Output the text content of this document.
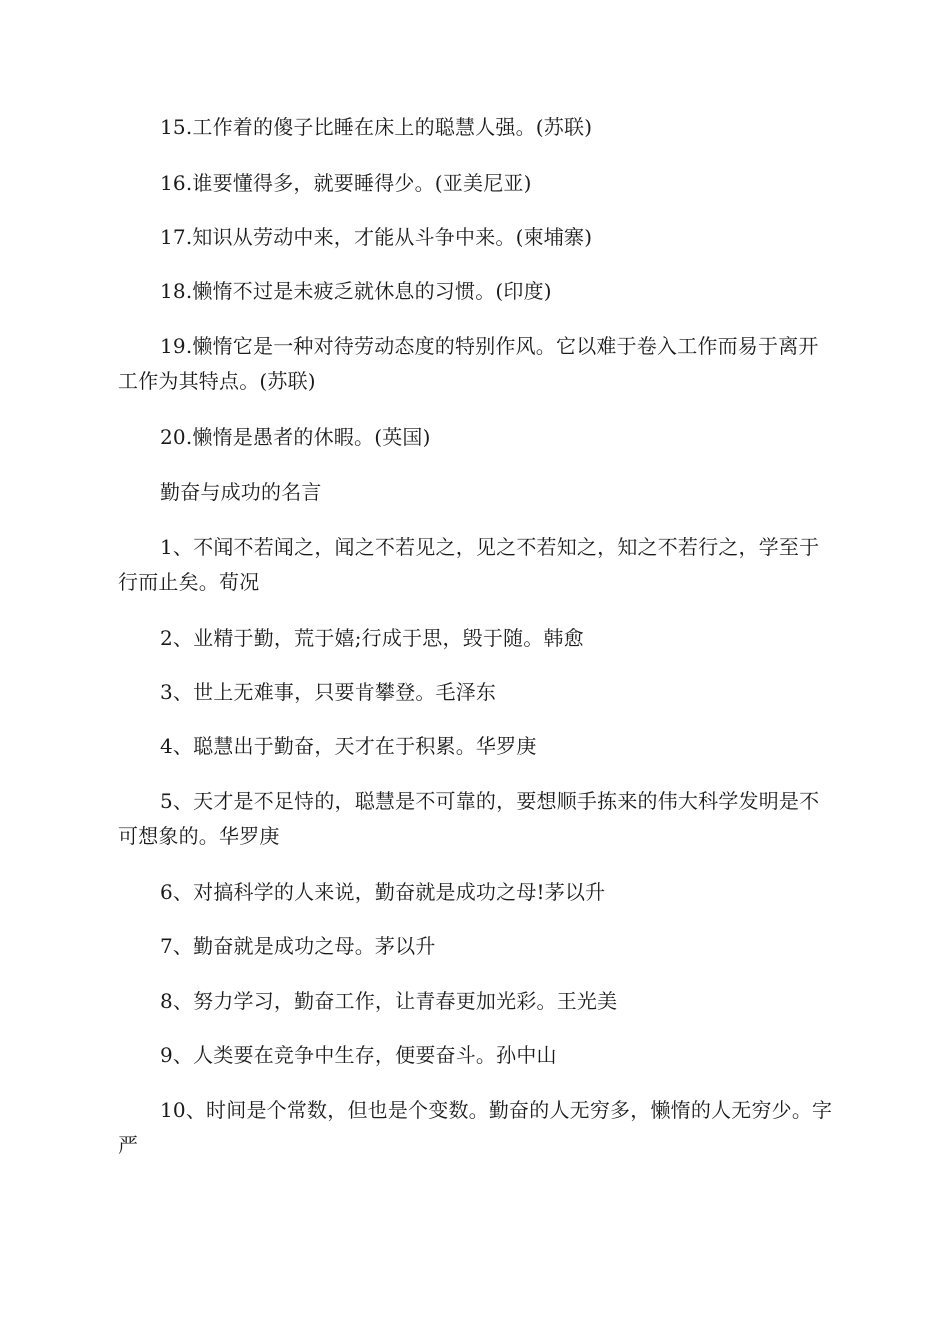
15.工作着的傻子比睡在床上的聪慧人强。(苏联)

16.谁要懂得多，就要睡得少。(亚美尼亚)

17.知识从劳动中来，才能从斗争中来。(柬埔寨)

18.懒惰不过是未疲乏就休息的习惯。(印度)

19.懒惰它是一种对待劳动态度的特别作风。它以难于卷入工作而易于离开工作为其特点。(苏联)

20.懒惰是愚者的休暇。(英国)

勤奋与成功的名言

1、不闻不若闻之，闻之不若见之，见之不若知之，知之不若行之，学至于行而止矣。荀况

2、业精于勤，荒于嬉;行成于思，毁于随。韩愈

3、世上无难事，只要肯攀登。毛泽东

4、聪慧出于勤奋，天才在于积累。华罗庚

5、天才是不足恃的，聪慧是不可靠的，要想顺手拣来的伟大科学发明是不可想象的。华罗庚

6、对搞科学的人来说，勤奋就是成功之母!茅以升

7、勤奋就是成功之母。茅以升

8、努力学习，勤奋工作，让青春更加光彩。王光美

9、人类要在竞争中生存，便要奋斗。孙中山

10、时间是个常数，但也是个变数。勤奋的人无穷多，懒惰的人无穷少。字严
